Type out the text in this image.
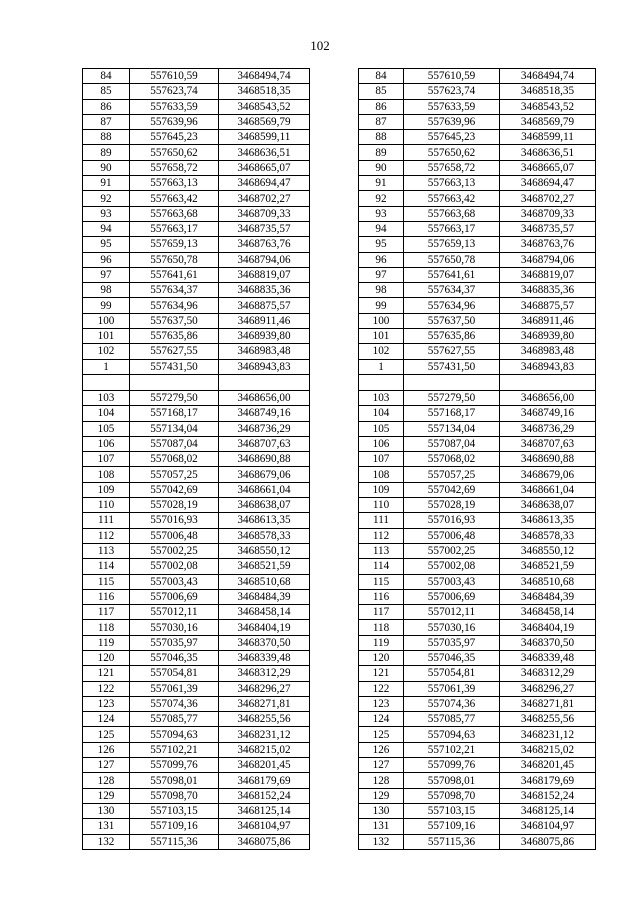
102
84	557610,59	3468494,74		84	557610,59	3468494,74
85	557623,74	3468518,35		85	557623,74	3468518,35
86	557633,59	3468543,52		86	557633,59	3468543,52
87	557639,96	3468569,79		87	557639,96	3468569,79
88	557645,23	3468599,11		88	557645,23	3468599,11
89	557650,62	3468636,51		89	557650,62	3468636,51
90	557658,72	3468665,07		90	557658,72	3468665,07
91	557663,13	3468694,47		91	557663,13	3468694,47
92	557663,42	3468702,27		92	557663,42	3468702,27
93	557663,68	3468709,33		93	557663,68	3468709,33
94	557663,17	3468735,57		94	557663,17	3468735,57
95	557659,13	3468763,76		95	557659,13	3468763,76
96	557650,78	3468794,06		96	557650,78	3468794,06
97	557641,61	3468819,07		97	557641,61	3468819,07
98	557634,37	3468835,36		98	557634,37	3468835,36
99	557634,96	3468875,57		99	557634,96	3468875,57
100	557637,50	3468911,46		100	557637,50	3468911,46
101	557635,86	3468939,80		101	557635,86	3468939,80
102	557627,55	3468983,48		102	557627,55	3468983,48
1	557431,50	3468943,83		1	557431,50	3468943,83

103	557279,50	3468656,00		103	557279,50	3468656,00
104	557168,17	3468749,16		104	557168,17	3468749,16
105	557134,04	3468736,29		105	557134,04	3468736,29
106	557087,04	3468707,63		106	557087,04	3468707,63
107	557068,02	3468690,88		107	557068,02	3468690,88
108	557057,25	3468679,06		108	557057,25	3468679,06
109	557042,69	3468661,04		109	557042,69	3468661,04
110	557028,19	3468638,07		110	557028,19	3468638,07
111	557016,93	3468613,35		111	557016,93	3468613,35
112	557006,48	3468578,33		112	557006,48	3468578,33
113	557002,25	3468550,12		113	557002,25	3468550,12
114	557002,08	3468521,59		114	557002,08	3468521,59
115	557003,43	3468510,68		115	557003,43	3468510,68
116	557006,69	3468484,39		116	557006,69	3468484,39
117	557012,11	3468458,14		117	557012,11	3468458,14
118	557030,16	3468404,19		118	557030,16	3468404,19
119	557035,97	3468370,50		119	557035,97	3468370,50
120	557046,35	3468339,48		120	557046,35	3468339,48
121	557054,81	3468312,29		121	557054,81	3468312,29
122	557061,39	3468296,27		122	557061,39	3468296,27
123	557074,36	3468271,81		123	557074,36	3468271,81
124	557085,77	3468255,56		124	557085,77	3468255,56
125	557094,63	3468231,12		125	557094,63	3468231,12
126	557102,21	3468215,02		126	557102,21	3468215,02
127	557099,76	3468201,45		127	557099,76	3468201,45
128	557098,01	3468179,69		128	557098,01	3468179,69
129	557098,70	3468152,24		129	557098,70	3468152,24
130	557103,15	3468125,14		130	557103,15	3468125,14
131	557109,16	3468104,97		131	557109,16	3468104,97
132	557115,36	3468075,86		132	557115,36	3468075,86
